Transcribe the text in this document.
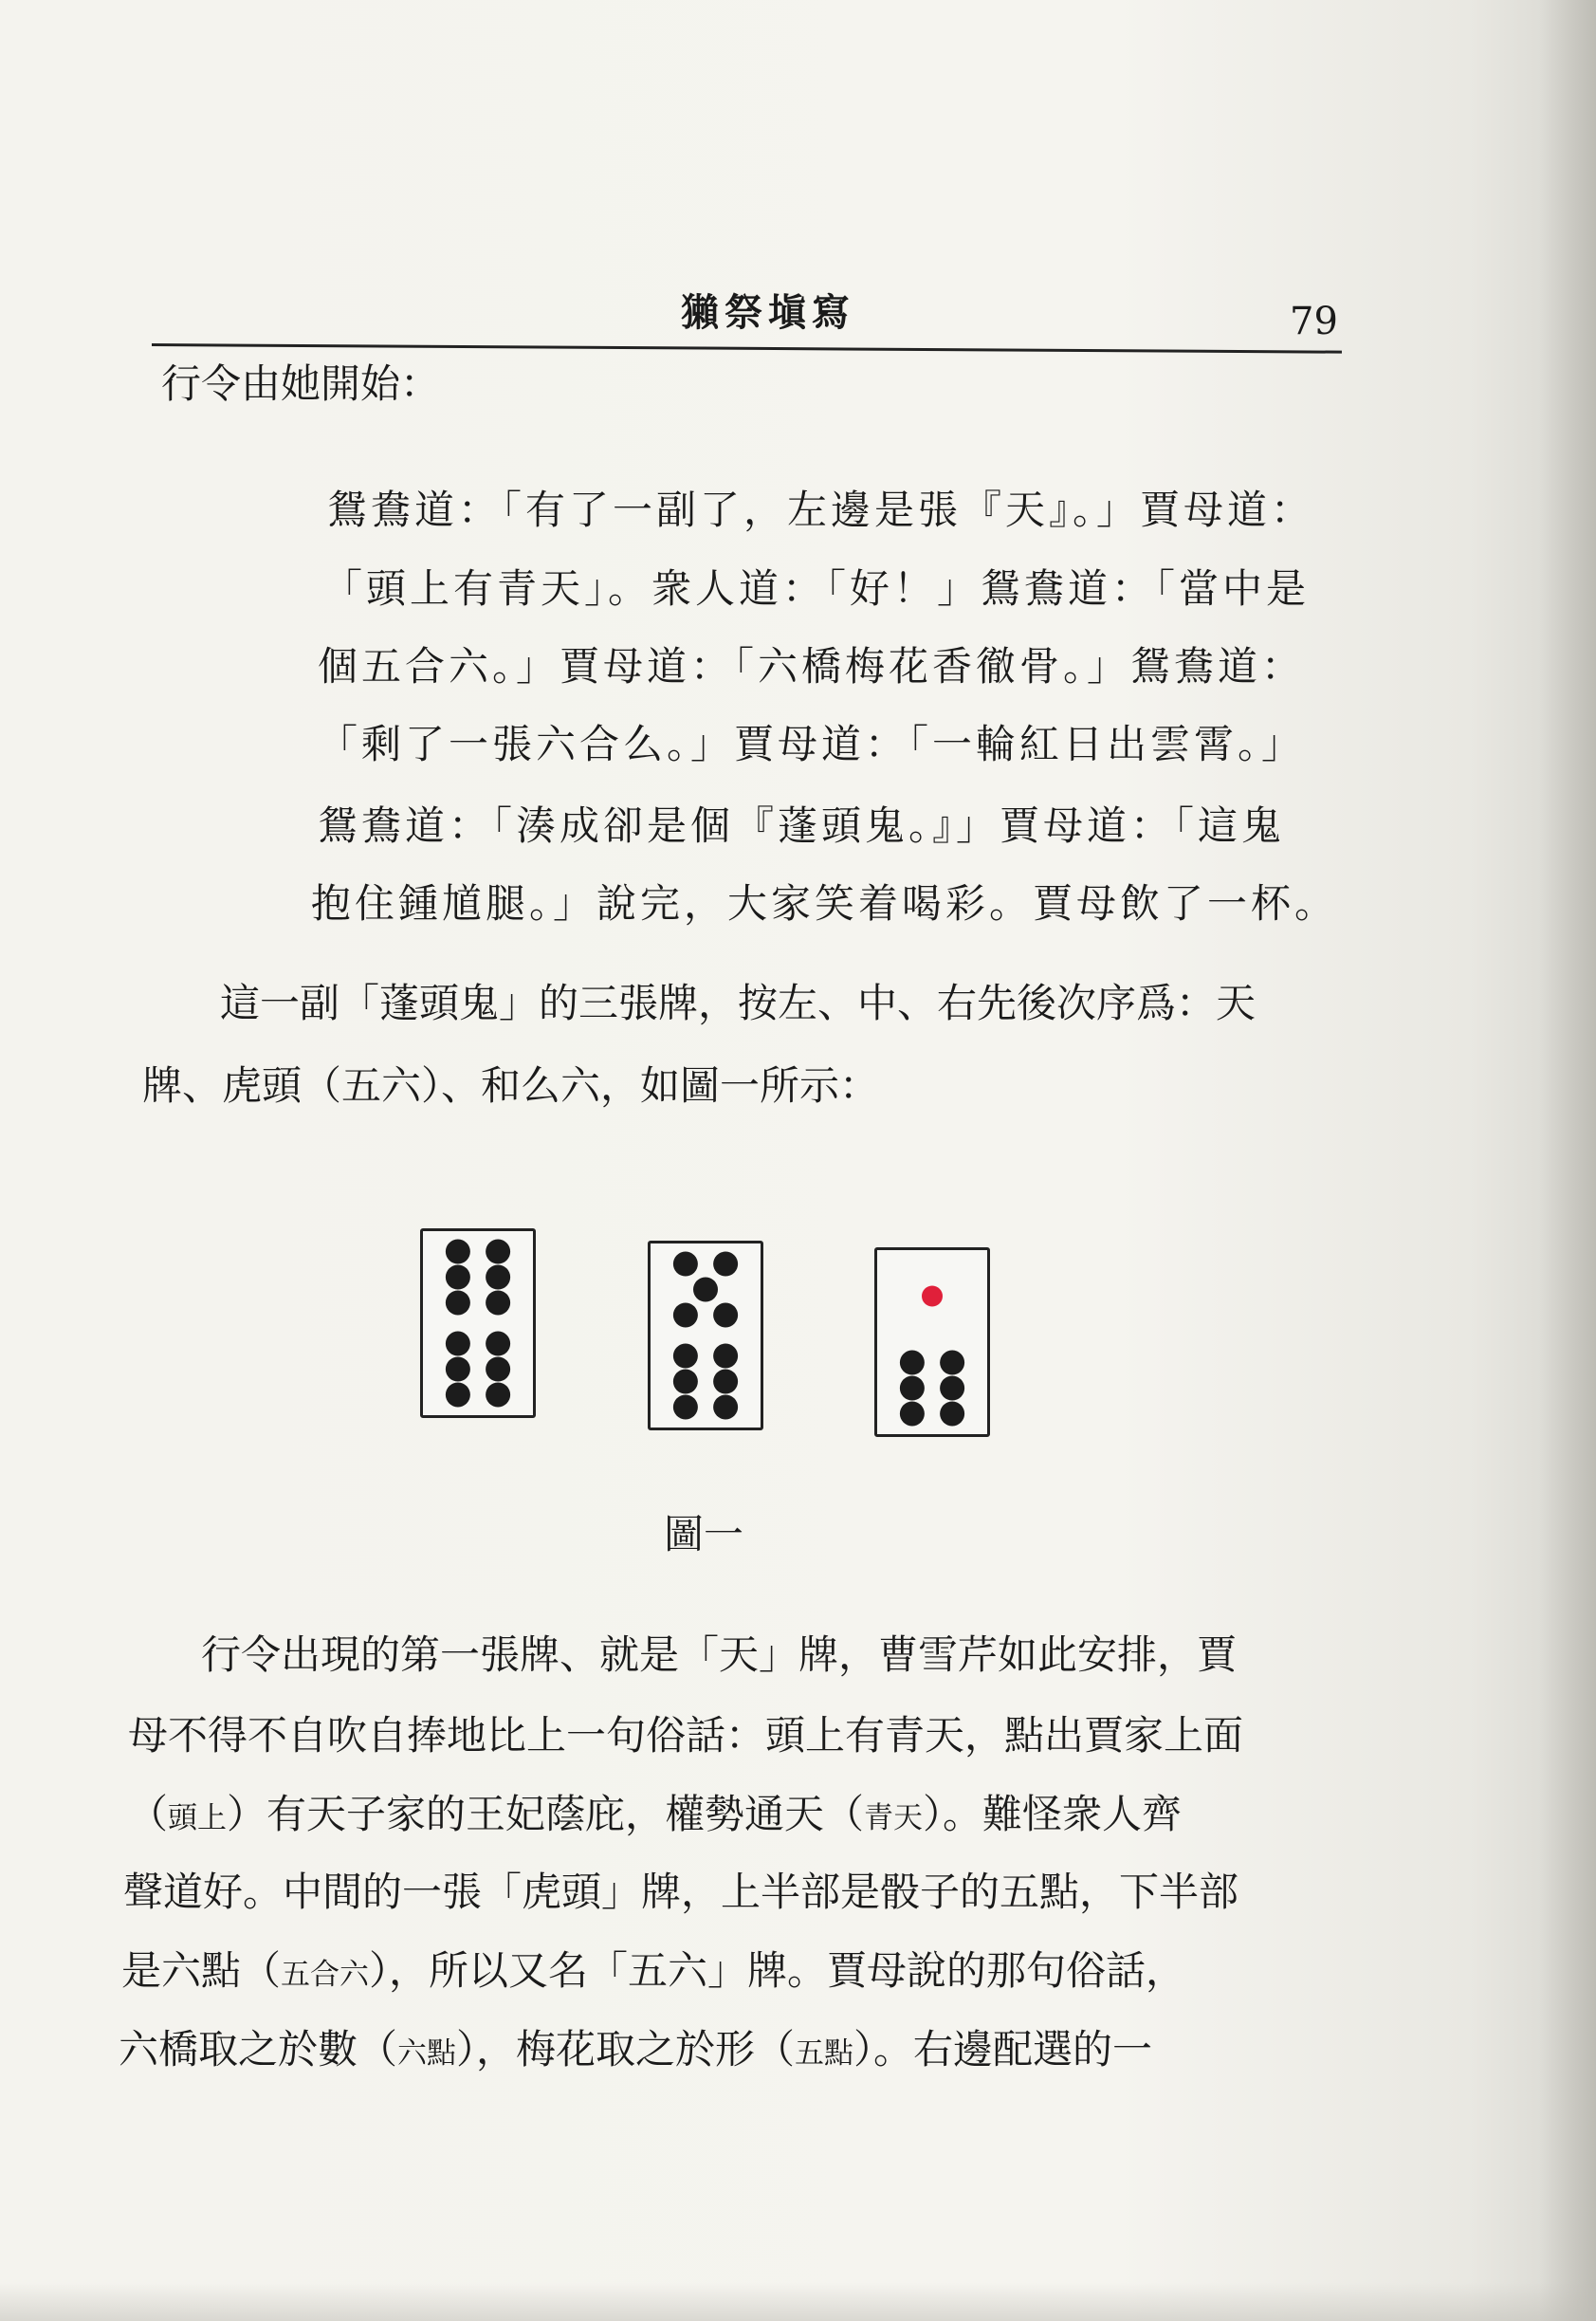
獺祭塡寫	79
行令由她開始：
鴛鴦道：「有了一副了，左邊是張『天』。」賈母道：
「頭上有青天」。衆人道：「好！」鴛鴦道：「當中是
個五合六。」賈母道：「六橋梅花香徹骨。」鴛鴦道：
「剩了一張六合么。」賈母道：「一輪紅日出雲霄。」
鴛鴦道：「湊成卻是個『蓬頭鬼。』」賈母道：「這鬼
抱住鍾馗腿。」說完，大家笑着喝彩。賈母飲了一杯。
這一副「蓬頭鬼」的三張牌，按左、中、右先後次序爲：天
牌、虎頭（五六）、和么六，如圖一所示：
圖一
行令出現的第一張牌、就是「天」牌，曹雪芹如此安排，賈
母不得不自吹自捧地比上一句俗話：頭上有青天，點出賈家上面
（頭上）有天子家的王妃蔭庇，權勢通天（青天）。難怪衆人齊
聲道好。中間的一張「虎頭」牌，上半部是骰子的五點，下半部
是六點（五合六），所以又名「五六」牌。賈母說的那句俗話，
六橋取之於數（六點），梅花取之於形（五點）。右邊配選的一
